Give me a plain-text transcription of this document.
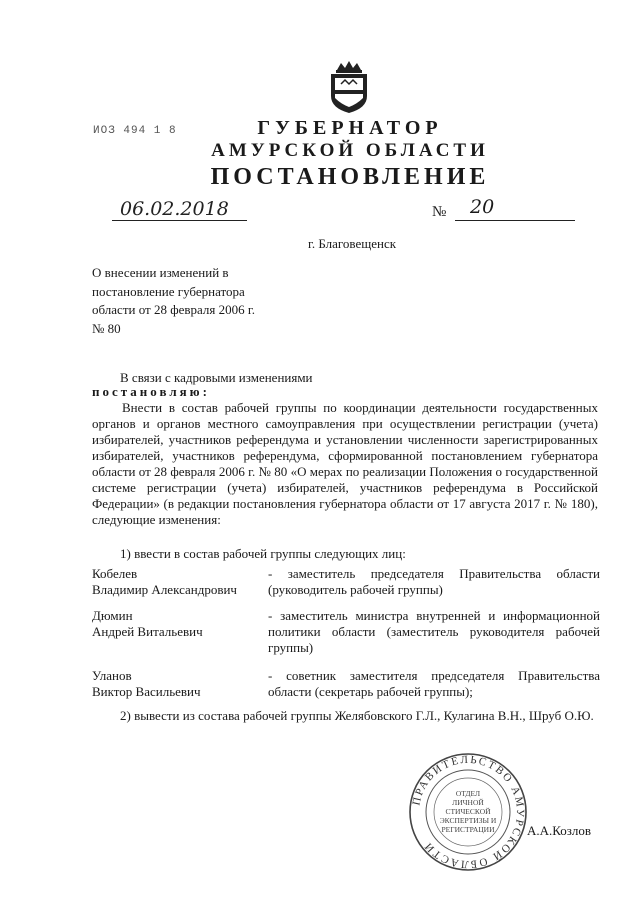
ИОЗ 494 1 8	ГУБЕРНАТОР
АМУРСКОЙ ОБЛАСТИ
ПОСТАНОВЛЕНИЕ
06.02.2018	№ 20
г. Благовещенск
О внесении изменений в
постановление губернатора
области от 28 февраля 2006 г.
№ 80
В связи с кадровыми изменениями
постановляю:
Внести в состав рабочей группы по координации деятельности государственных органов и органов местного самоуправления при осуществлении регистрации (учета) избирателей, участников референдума и установлении численности зарегистрированных избирателей, участников референдума, сформированной постановлением губернатора области от 28 февраля 2006 г. № 80 «О мерах по реализации Положения о государственной системе регистрации (учета) избирателей, участников референдума в Российской Федерации» (в редакции постановления губернатора области от 17 августа 2017 г. № 180), следующие изменения:
1) ввести в состав рабочей группы следующих лиц:
Кобелев
Владимир Александрович
- заместитель председателя Правительства области (руководитель рабочей группы)
Дюмин
Андрей Витальевич
- заместитель министра внутренней и информационной политики области (заместитель руководителя рабочей группы)
Уланов
Виктор Васильевич
- советник заместителя председателя Правительства области (секретарь рабочей группы);
2) вывести из состава рабочей группы Желябовского Г.Л., Кулагина В.Н., Шруб О.Ю.
ПРАВИТЕЛЬСТВО АМУРСКОЙ ОБЛАСТИ
ОТДЕЛ
ЛИЧНОЙ
СТИЧЕСКОЙ
ЭКСПЕРТИЗЫ И
РЕГИСТРАЦИИ	А.А.Козлов
